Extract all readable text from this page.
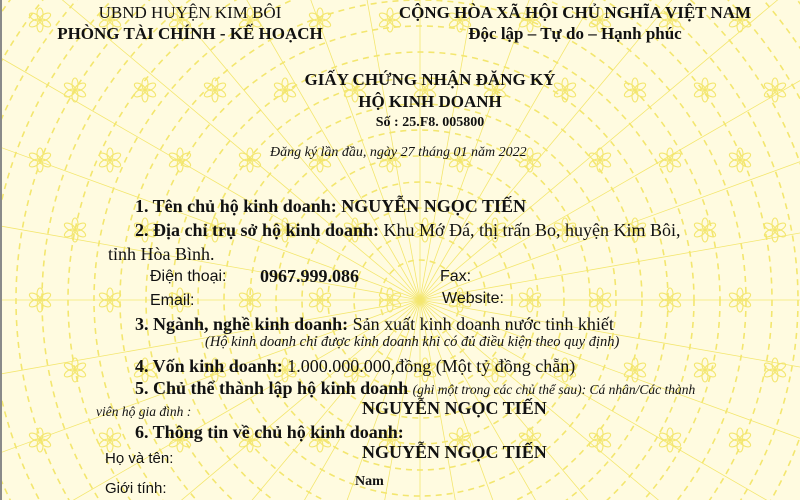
UBND HUYỆN KIM BÔI
PHÒNG TÀI CHÍNH - KẾ HOẠCH
CỘNG HÒA XÃ HỘI CHỦ NGHĨA VIỆT NAM
Độc lập – Tự do – Hạnh phúc
GIẤY CHỨNG NHẬN ĐĂNG KÝ
HỘ KINH DOANH
Số : 25.F8. 005800
Đăng ký lần đầu, ngày 27 tháng 01 năm 2022
1. Tên chủ hộ kinh doanh: NGUYỄN NGỌC TIẾN
2. Địa chỉ trụ sở hộ kinh doanh: Khu Mớ Đá, thị trấn Bo, huyện Kim Bôi,
tỉnh Hòa Bình.
Điện thoại: 0967.999.086	Fax:
Email:	Website:
3. Ngành, nghề kinh doanh: Sản xuất kinh doanh nước tinh khiết
(Hộ kinh doanh chỉ được kinh doanh khi có đủ điều kiện theo quy định)
4. Vốn kinh doanh: 1.000.000.000,đồng (Một tỷ đồng chẵn)
5. Chủ thể thành lập hộ kinh doanh (ghi một trong các chủ thể sau): Cá nhân/Các thành
viên hộ gia đình :	NGUYỄN NGỌC TIẾN
6. Thông tin về chủ hộ kinh doanh:
Họ và tên:	NGUYỄN NGỌC TIẾN
Giới tính:	Nam
